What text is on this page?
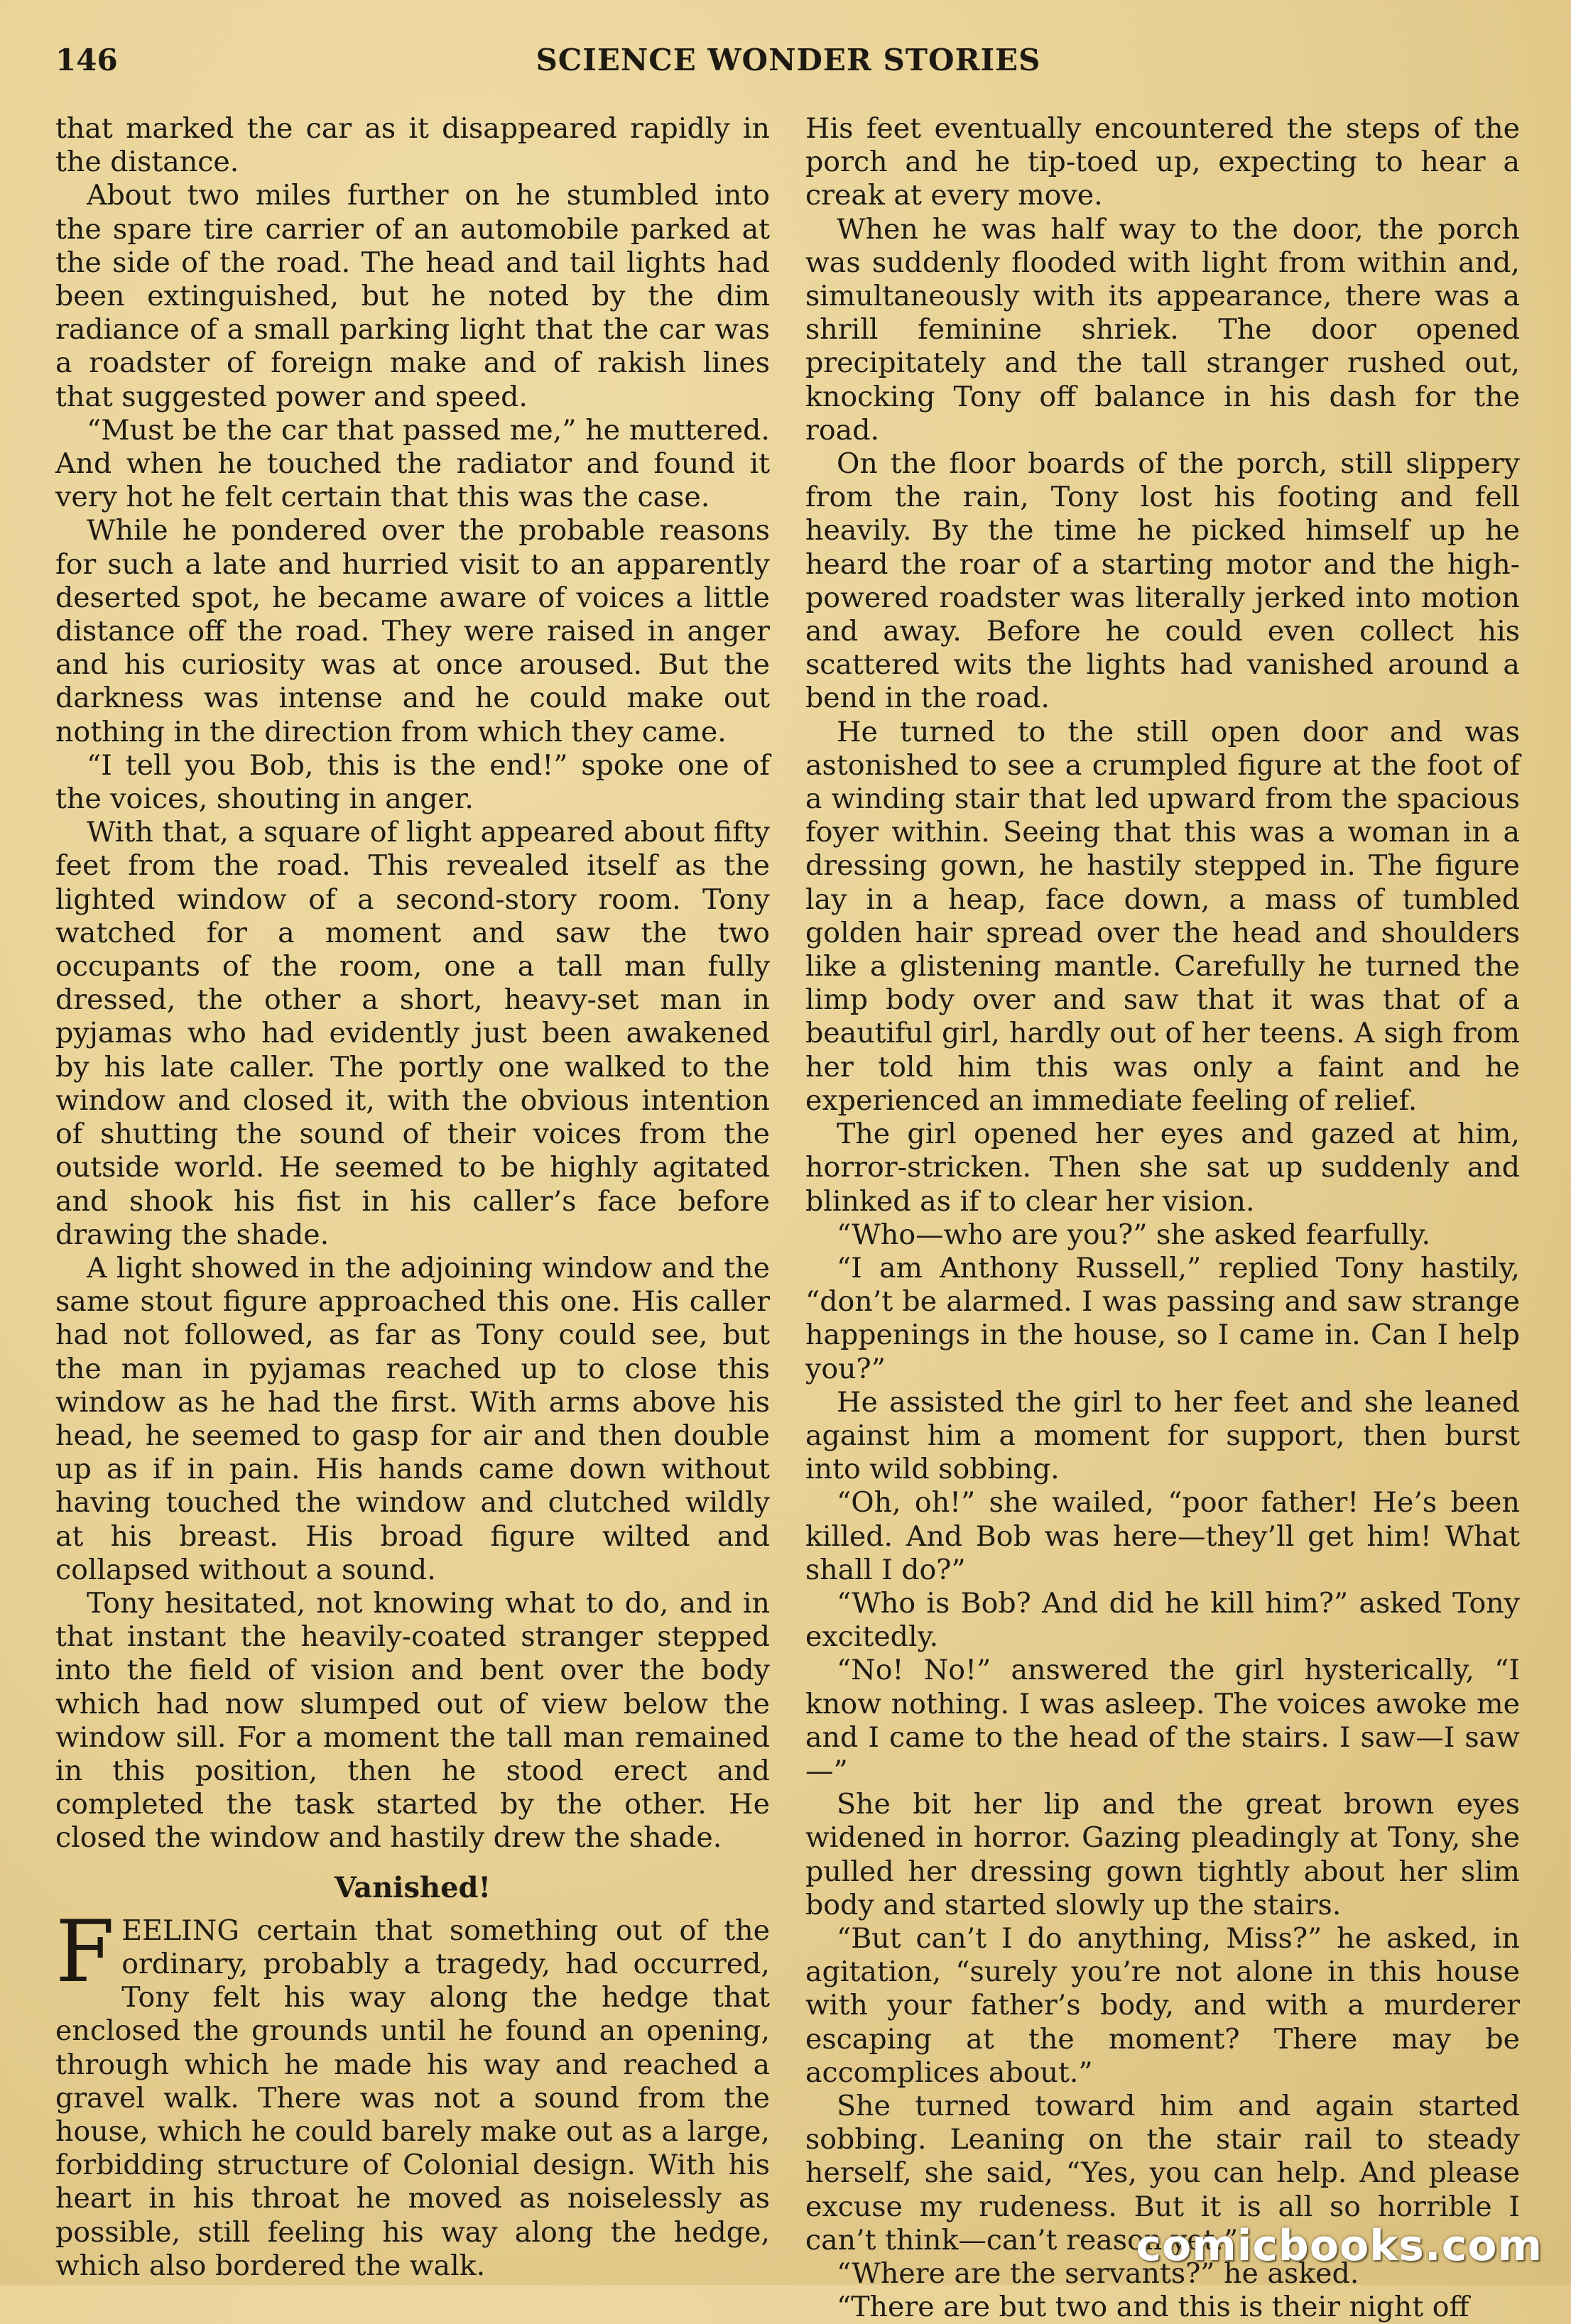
146	SCIENCE WONDER STORIES

that marked the car as it disappeared rapidly in the distance.

About two miles further on he stumbled into the spare tire carrier of an automobile parked at the side of the road. The head and tail lights had been extinguished, but he noted by the dim radiance of a small parking light that the car was a roadster of foreign make and of rakish lines that suggested power and speed.

“Must be the car that passed me,” he muttered. And when he touched the radiator and found it very hot he felt certain that this was the case.

While he pondered over the probable reasons for such a late and hurried visit to an apparently deserted spot, he became aware of voices a little distance off the road. They were raised in anger and his curiosity was at once aroused. But the darkness was intense and he could make out nothing in the direction from which they came.

“I tell you Bob, this is the end!” spoke one of the voices, shouting in anger.

With that, a square of light appeared about fifty feet from the road. This revealed itself as the lighted window of a second-story room. Tony watched for a moment and saw the two occupants of the room, one a tall man fully dressed, the other a short, heavy-set man in pyjamas who had evidently just been awakened by his late caller. The portly one walked to the window and closed it, with the obvious intention of shutting the sound of their voices from the outside world. He seemed to be highly agitated and shook his fist in his caller’s face before drawing the shade.

A light showed in the adjoining window and the same stout figure approached this one. His caller had not followed, as far as Tony could see, but the man in pyjamas reached up to close this window as he had the first. With arms above his head, he seemed to gasp for air and then double up as if in pain. His hands came down without having touched the window and clutched wildly at his breast. His broad figure wilted and collapsed without a sound.

Tony hesitated, not knowing what to do, and in that instant the heavily-coated stranger stepped into the field of vision and bent over the body which had now slumped out of view below the window sill. For a moment the tall man remained in this position, then he stood erect and completed the task started by the other. He closed the window and hastily drew the shade.

Vanished!

FEELING certain that something out of the ordinary, probably a tragedy, had occurred, Tony felt his way along the hedge that enclosed the grounds until he found an opening, through which he made his way and reached a gravel walk. There was not a sound from the house, which he could barely make out as a large, forbidding structure of Colonial design. With his heart in his throat he moved as noiselessly as possible, still feeling his way along the hedge, which also bordered the walk.

His feet eventually encountered the steps of the porch and he tip-toed up, expecting to hear a creak at every move.

When he was half way to the door, the porch was suddenly flooded with light from within and, simultaneously with its appearance, there was a shrill feminine shriek. The door opened precipitately and the tall stranger rushed out, knocking Tony off balance in his dash for the road.

On the floor boards of the porch, still slippery from the rain, Tony lost his footing and fell heavily. By the time he picked himself up he heard the roar of a starting motor and the high-powered roadster was literally jerked into motion and away. Before he could even collect his scattered wits the lights had vanished around a bend in the road.

He turned to the still open door and was astonished to see a crumpled figure at the foot of a winding stair that led upward from the spacious foyer within. Seeing that this was a woman in a dressing gown, he hastily stepped in. The figure lay in a heap, face down, a mass of tumbled golden hair spread over the head and shoulders like a glistening mantle. Carefully he turned the limp body over and saw that it was that of a beautiful girl, hardly out of her teens. A sigh from her told him this was only a faint and he experienced an immediate feeling of relief.

The girl opened her eyes and gazed at him, horror-stricken. Then she sat up suddenly and blinked as if to clear her vision.

“Who—who are you?” she asked fearfully.

“I am Anthony Russell,” replied Tony hastily, “don’t be alarmed. I was passing and saw strange happenings in the house, so I came in. Can I help you?”

He assisted the girl to her feet and she leaned against him a moment for support, then burst into wild sobbing.

“Oh, oh!” she wailed, “poor father! He’s been killed. And Bob was here—they’ll get him! What shall I do?”

“Who is Bob? And did he kill him?” asked Tony excitedly.

“No! No!” answered the girl hysterically, “I know nothing. I was asleep. The voices awoke me and I came to the head of the stairs. I saw—I saw—”

She bit her lip and the great brown eyes widened in horror. Gazing pleadingly at Tony, she pulled her dressing gown tightly about her slim body and started slowly up the stairs.

“But can’t I do anything, Miss?” he asked, in agitation, “surely you’re not alone in this house with your father’s body, and with a murderer escaping at the moment? There may be accomplices about.”

She turned toward him and again started sobbing. Leaning on the stair rail to steady herself, she said, “Yes, you can help. And please excuse my rudeness. But it is all so horrible I can’t think—can’t reason yet.”

“Where are the servants?” he asked.

“There are but two and this is their night off

comicbooks.com
